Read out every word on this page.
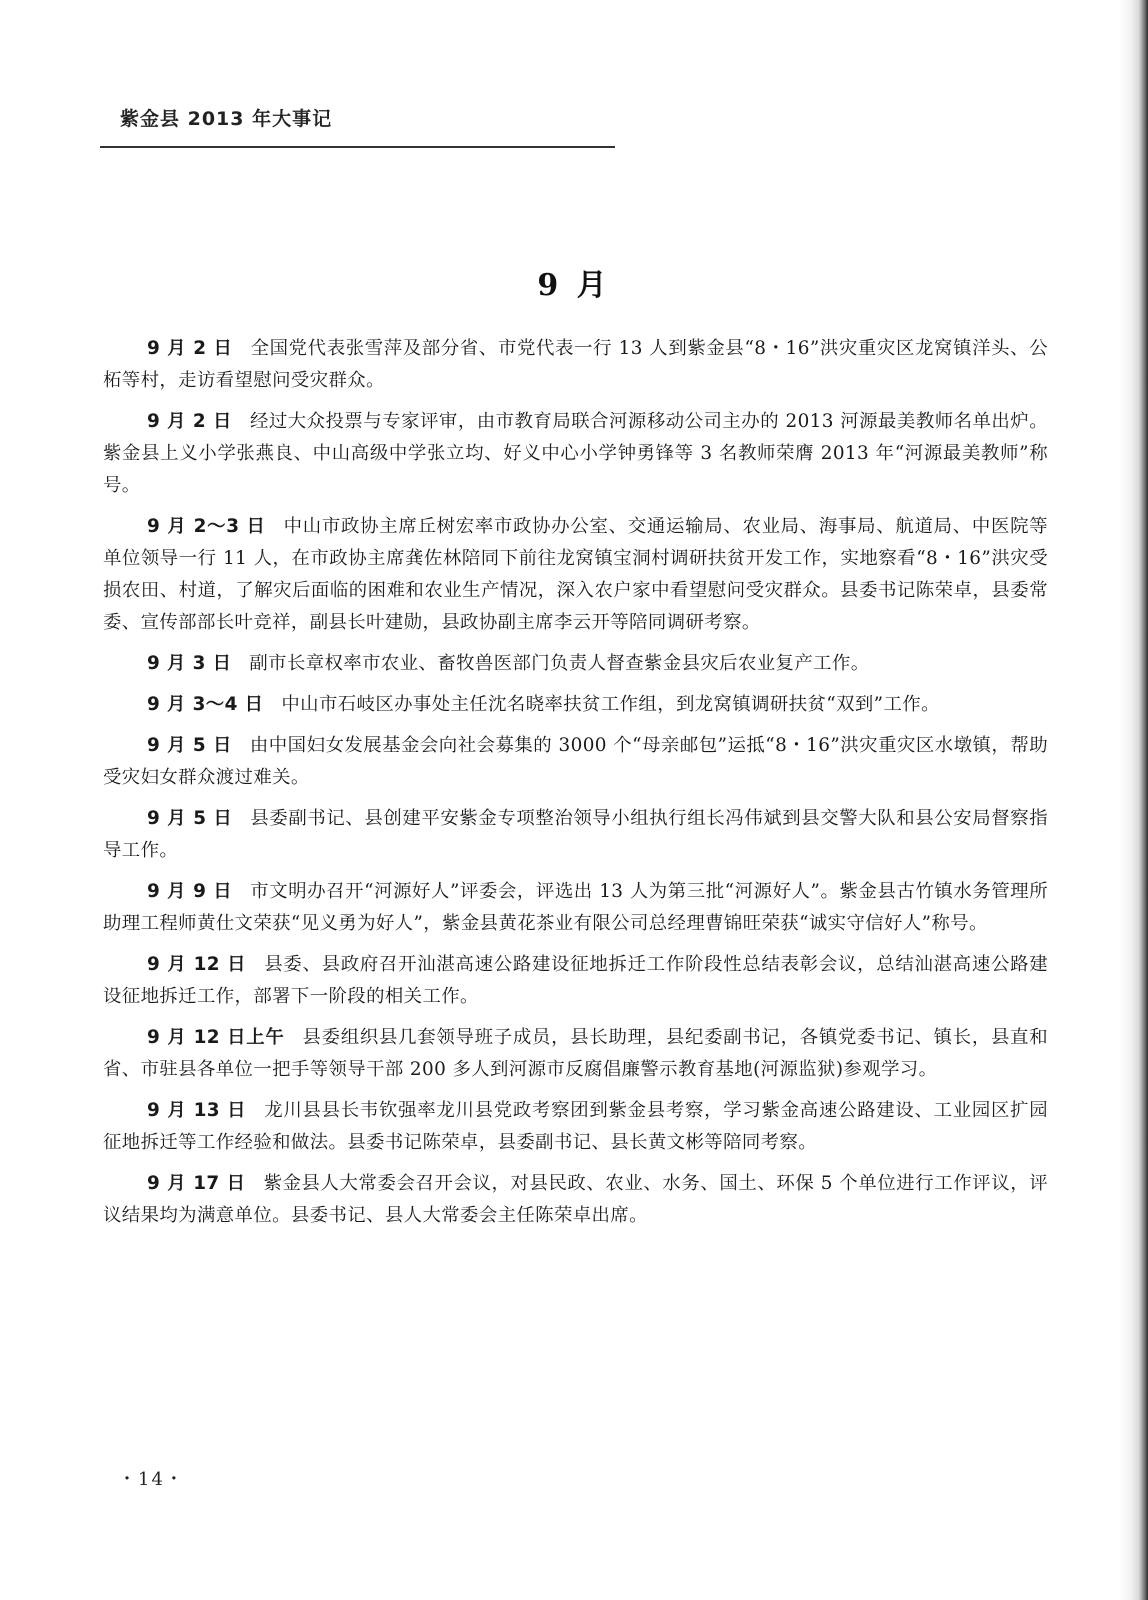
紫金县 2013 年大事记
9 月

9 月 2 日 全国党代表张雪萍及部分省、市党代表一行 13 人到紫金县“8・16”洪灾重灾区龙窝镇洋头、公柘等村，走访看望慰问受灾群众。

9 月 2 日 经过大众投票与专家评审，由市教育局联合河源移动公司主办的 2013 河源最美教师名单出炉。紫金县上义小学张燕良、中山高级中学张立均、好义中心小学钟勇锋等 3 名教师荣膺 2013 年“河源最美教师”称号。

9 月 2～3 日 中山市政协主席丘树宏率市政协办公室、交通运输局、农业局、海事局、航道局、中医院等单位领导一行 11 人，在市政协主席龚佐林陪同下前往龙窝镇宝洞村调研扶贫开发工作，实地察看“8・16”洪灾受损农田、村道，了解灾后面临的困难和农业生产情况，深入农户家中看望慰问受灾群众。县委书记陈荣卓，县委常委、宣传部部长叶竞祥，副县长叶建勋，县政协副主席李云开等陪同调研考察。

9 月 3 日 副市长章权率市农业、畜牧兽医部门负责人督查紫金县灾后农业复产工作。

9 月 3～4 日 中山市石岐区办事处主任沈名晓率扶贫工作组，到龙窝镇调研扶贫“双到”工作。

9 月 5 日 由中国妇女发展基金会向社会募集的 3000 个“母亲邮包”运抵“8・16”洪灾重灾区水墩镇，帮助受灾妇女群众渡过难关。

9 月 5 日 县委副书记、县创建平安紫金专项整治领导小组执行组长冯伟斌到县交警大队和县公安局督察指导工作。

9 月 9 日 市文明办召开“河源好人”评委会，评选出 13 人为第三批“河源好人”。紫金县古竹镇水务管理所助理工程师黄仕文荣获“见义勇为好人”，紫金县黄花茶业有限公司总经理曹锦旺荣获“诚实守信好人”称号。

9 月 12 日 县委、县政府召开汕湛高速公路建设征地拆迁工作阶段性总结表彰会议，总结汕湛高速公路建设征地拆迁工作，部署下一阶段的相关工作。

9 月 12 日上午 县委组织县几套领导班子成员，县长助理，县纪委副书记，各镇党委书记、镇长，县直和省、市驻县各单位一把手等领导干部 200 多人到河源市反腐倡廉警示教育基地(河源监狱)参观学习。

9 月 13 日 龙川县县长韦钦强率龙川县党政考察团到紫金县考察，学习紫金高速公路建设、工业园区扩园征地拆迁等工作经验和做法。县委书记陈荣卓，县委副书记、县长黄文彬等陪同考察。

9 月 17 日 紫金县人大常委会召开会议，对县民政、农业、水务、国土、环保 5 个单位进行工作评议，评议结果均为满意单位。县委书记、县人大常委会主任陈荣卓出席。

・14・
